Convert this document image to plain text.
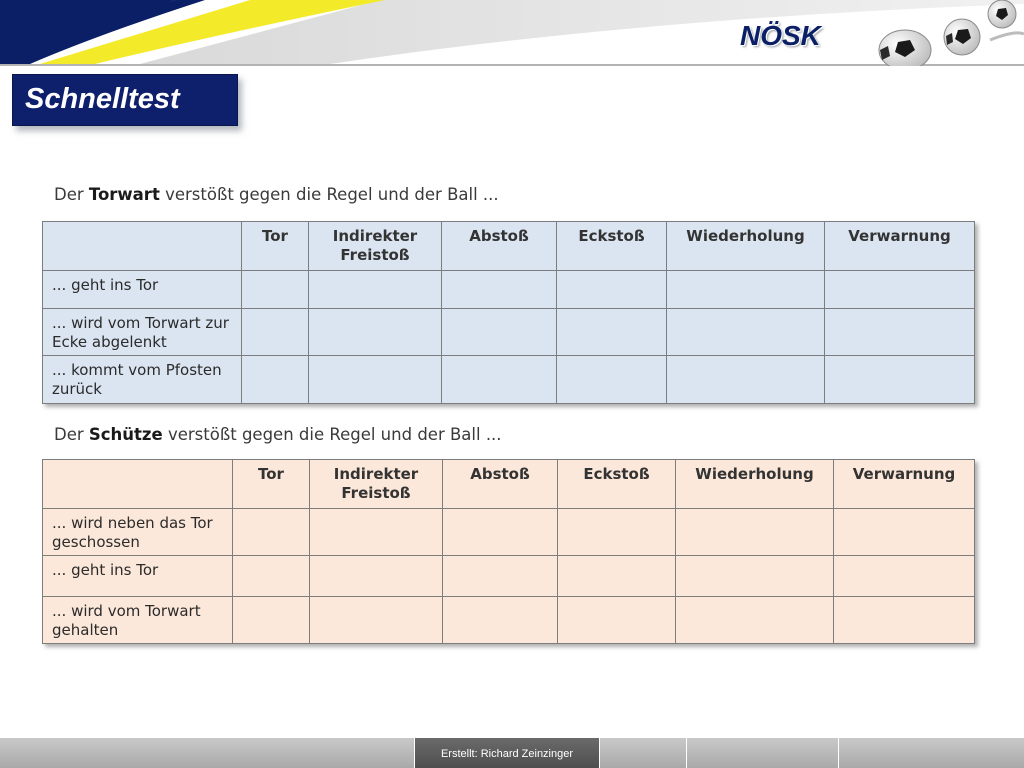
NÖSK
Schnelltest
Der Torwart verstößt gegen die Regel und der Ball ...
	Tor	Indirekter Freistoß	Abstoß	Eckstoß	Wiederholung	Verwarnung
... geht ins Tor						
... wird vom Torwart zur Ecke abgelenkt						
... kommt vom Pfosten zurück						
Der Schütze verstößt gegen die Regel und der Ball ...
	Tor	Indirekter Freistoß	Abstoß	Eckstoß	Wiederholung	Verwarnung
... wird neben das Tor geschossen						
... geht ins Tor						
... wird vom Torwart gehalten						
Erstellt: Richard Zeinzinger
